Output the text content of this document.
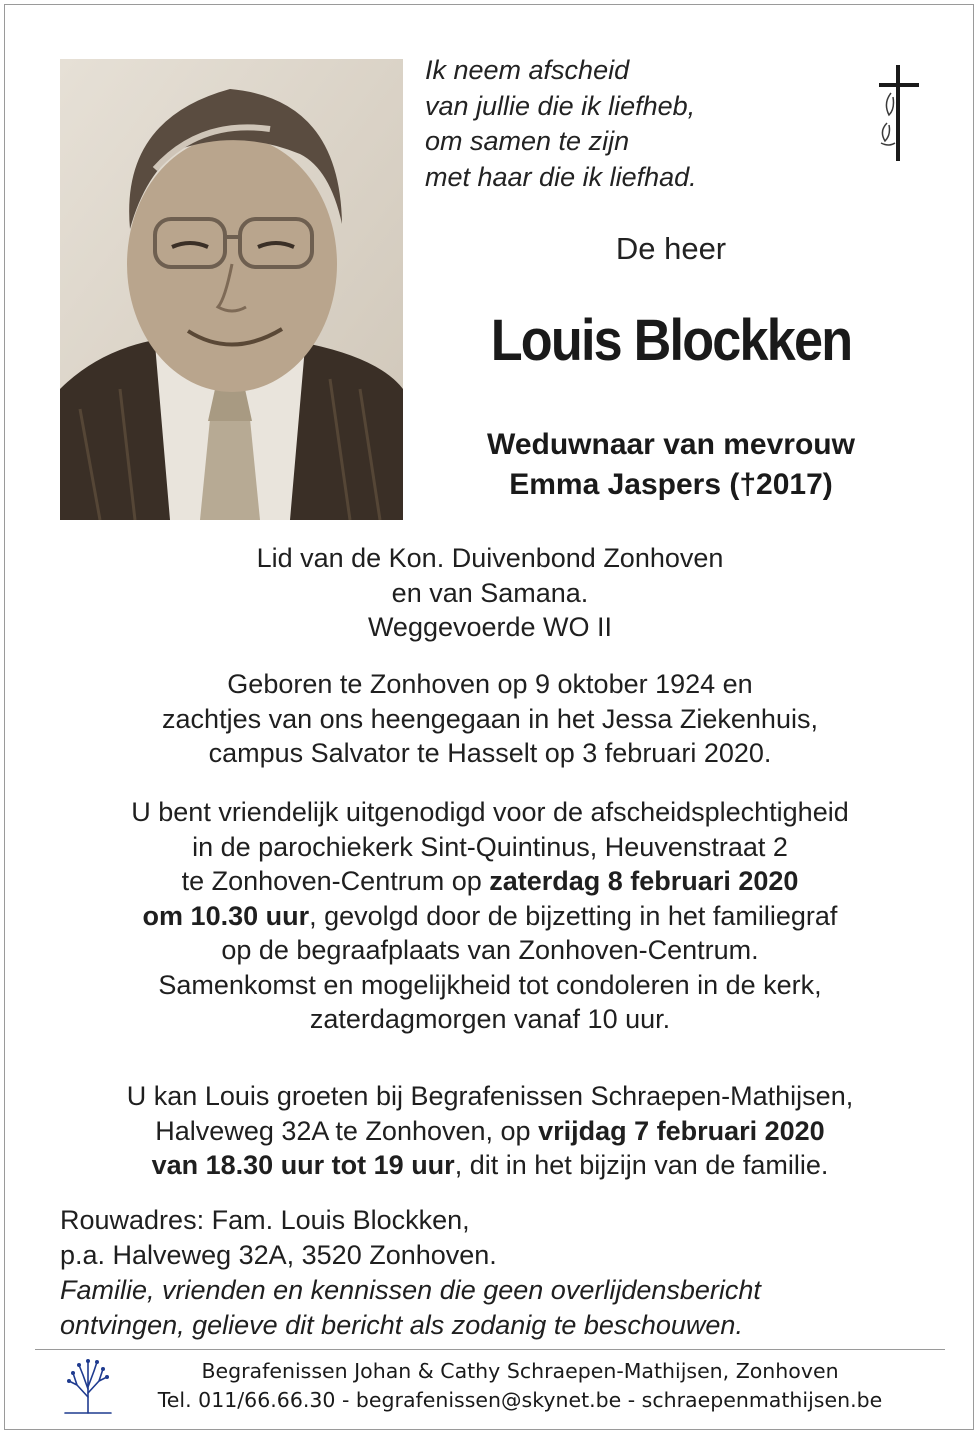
Ik neem afscheid
van jullie die ik liefheb,
om samen te zijn
met haar die ik liefhad.
De heer
Louis Blockken
Weduwnaar van mevrouw
Emma Jaspers (†2017)
Lid van de Kon. Duivenbond Zonhoven
en van Samana.
Weggevoerde WO II
Geboren te Zonhoven op 9 oktober 1924 en
zachtjes van ons heengegaan in het Jessa Ziekenhuis,
campus Salvator te Hasselt op 3 februari 2020.
U bent vriendelijk uitgenodigd voor de afscheidsplechtigheid
in de parochiekerk Sint-Quintinus, Heuvenstraat 2
te Zonhoven-Centrum op zaterdag 8 februari 2020
om 10.30 uur, gevolgd door de bijzetting in het familiegraf
op de begraafplaats van Zonhoven-Centrum.
Samenkomst en mogelijkheid tot condoleren in de kerk,
zaterdagmorgen vanaf 10 uur.
U kan Louis groeten bij Begrafenissen Schraepen-Mathijsen,
Halveweg 32A te Zonhoven, op vrijdag 7 februari 2020
van 18.30 uur tot 19 uur, dit in het bijzijn van de familie.
Rouwadres: Fam. Louis Blockken,
p.a. Halveweg 32A, 3520 Zonhoven.
Familie, vrienden en kennissen die geen overlijdensbericht
ontvingen, gelieve dit bericht als zodanig te beschouwen.
Begrafenissen Johan & Cathy Schraepen-Mathijsen, Zonhoven
Tel. 011/66.66.30 - begrafenissen@skynet.be - schraepenmathijsen.be
